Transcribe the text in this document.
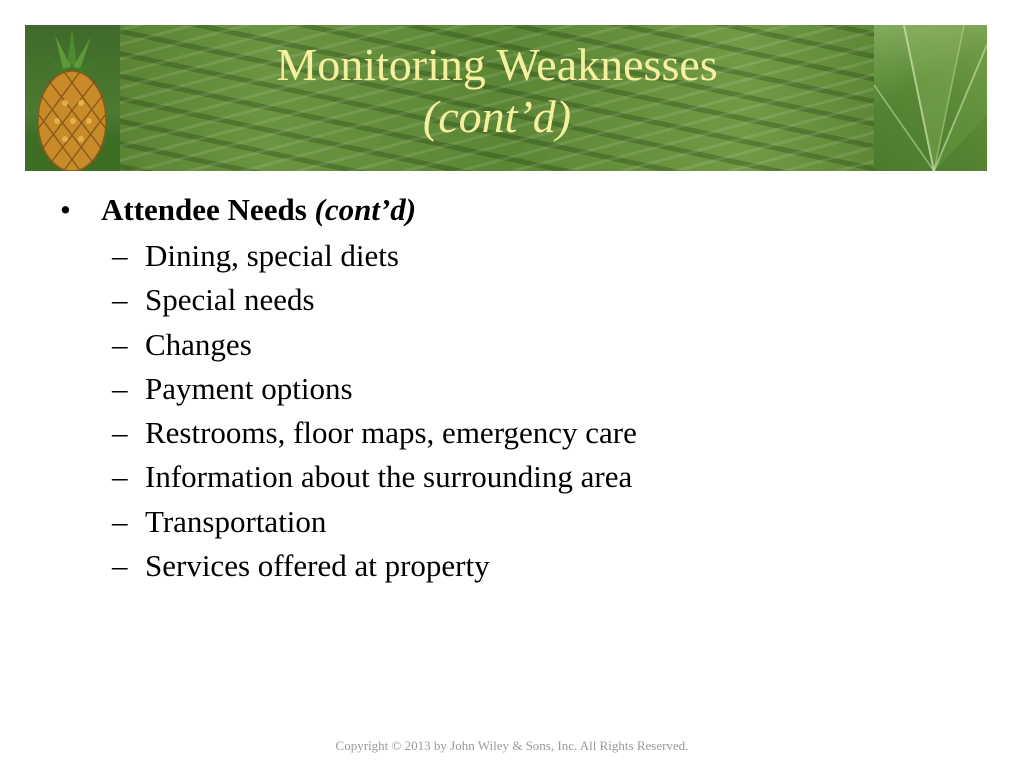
Monitoring Weaknesses
(cont’d)
• Attendee Needs (cont’d)
– Dining, special diets
– Special needs
– Changes
– Payment options
– Restrooms, floor maps, emergency care
– Information about the surrounding area
– Transportation
– Services offered at property
Copyright © 2013 by John Wiley & Sons, Inc. All Rights Reserved.
